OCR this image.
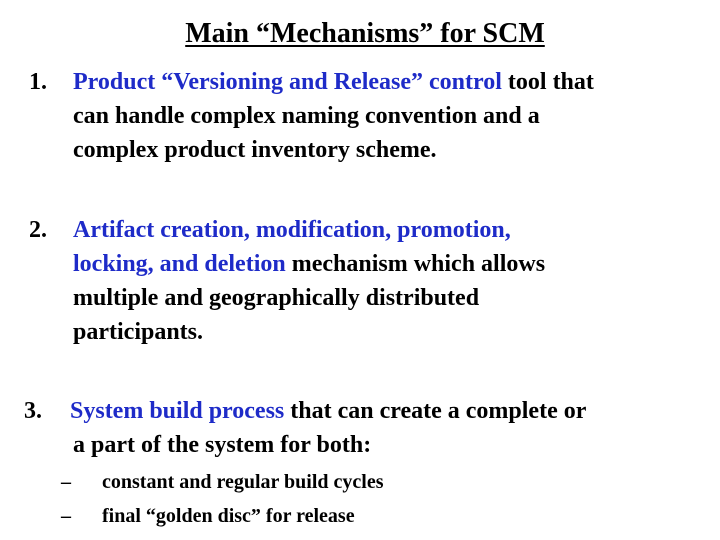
Main “Mechanisms” for SCM
1. Product “Versioning and Release” control tool that
can handle complex naming convention and a
complex product inventory scheme.
2. Artifact creation, modification, promotion,
locking, and deletion mechanism which allows
multiple and geographically distributed
participants.
3. System build process that can create a complete or
a part of the system for both:
– constant and regular build cycles
– final “golden disc” for release
